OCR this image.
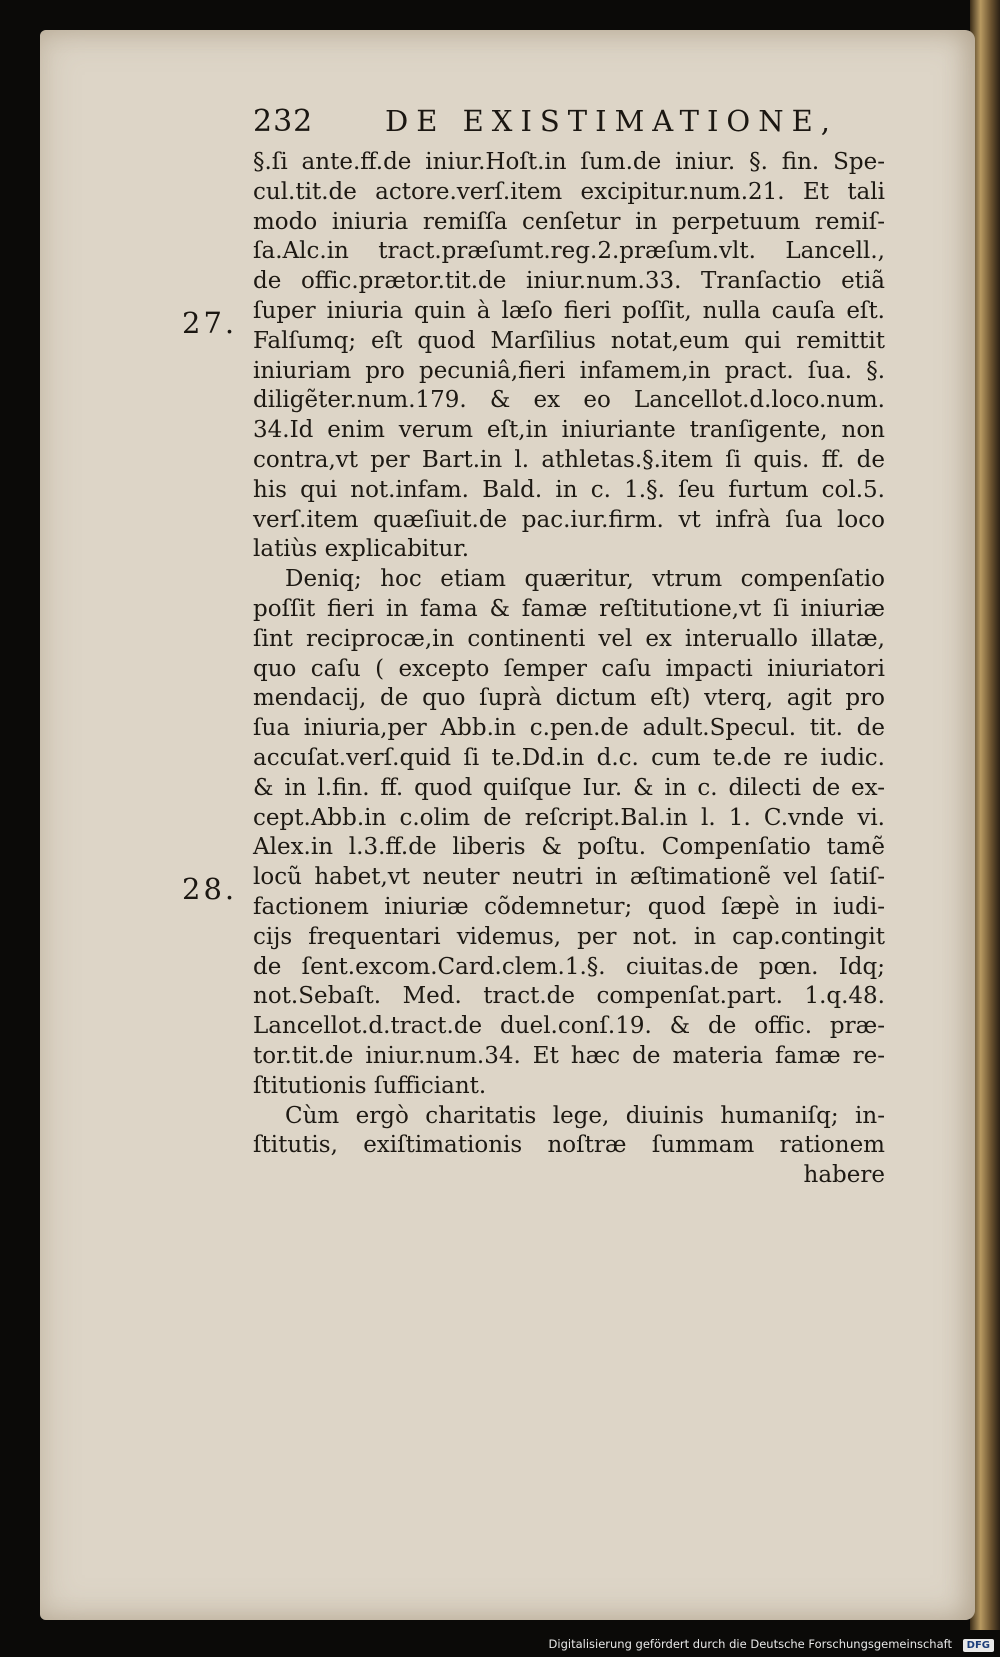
232 DE EXISTIMATIONE,
27.
28.
§.ſi ante.ff.de iniur.Hoſt.in ſum.de iniur. §. fin. Spe-
cul.tit.de actore.verſ.item excipitur.num.21. Et tali
modo iniuria remiſſa cenſetur in perpetuum remiſ-
ſa.Alc.in tract.præſumt.reg.2.præſum.vlt. Lancell.,
de offic.prætor.tit.de iniur.num.33. Tranſactio etiã
ſuper iniuria quin à læſo fieri poſſit, nulla cauſa eſt.
Falſumq; eſt quod Marſilius notat,eum qui remittit
iniuriam pro pecuniâ,fieri infamem,in pract. ſua. §.
diligẽter.num.179. & ex eo Lancellot.d.loco.num.
34.Id enim verum eſt,in iniuriante tranſigente, non
contra,vt per Bart.in l. athletas.§.item ſi quis. ff. de
his qui not.infam. Bald. in c. 1.§. ſeu furtum col.5.
verſ.item quæſiuit.de pac.iur.firm. vt infrà ſua loco
latiùs explicabitur.
Deniq; hoc etiam quæritur, vtrum compenſatio
poſſit fieri in fama & famæ reſtitutione,vt ſi iniuriæ
ſint reciprocæ,in continenti vel ex interuallo illatæ,
quo caſu ( excepto ſemper caſu impacti iniuriatori
mendacij, de quo ſuprà dictum eſt) vterq, agit pro
ſua iniuria,per Abb.in c.pen.de adult.Specul. tit. de
accuſat.verſ.quid ſi te.Dd.in d.c. cum te.de re iudic.
& in l.fin. ff. quod quiſque Iur. & in c. dilecti de ex-
cept.Abb.in c.olim de reſcript.Bal.in l. 1. C.vnde vi.
Alex.in l.3.ff.de liberis & poſtu. Compenſatio tamẽ
locũ habet,vt neuter neutri in æſtimationẽ vel ſatiſ-
factionem iniuriæ cõdemnetur; quod ſæpè in iudi-
cijs frequentari videmus, per not. in cap.contingit
de ſent.excom.Card.clem.1.§. ciuitas.de pœn. Idq;
not.Sebaſt. Med. tract.de compenſat.part. 1.q.48.
Lancellot.d.tract.de duel.conſ.19. & de offic. præ-
tor.tit.de iniur.num.34. Et hæc de materia famæ re-
ſtitutionis ſufficiant.
Cùm ergò charitatis lege, diuinis humaniſq; in-
ſtitutis, exiſtimationis noſtræ ſummam rationem
habere
Digitalisierung gefördert durch die Deutsche Forschungsgemeinschaft	DFG
